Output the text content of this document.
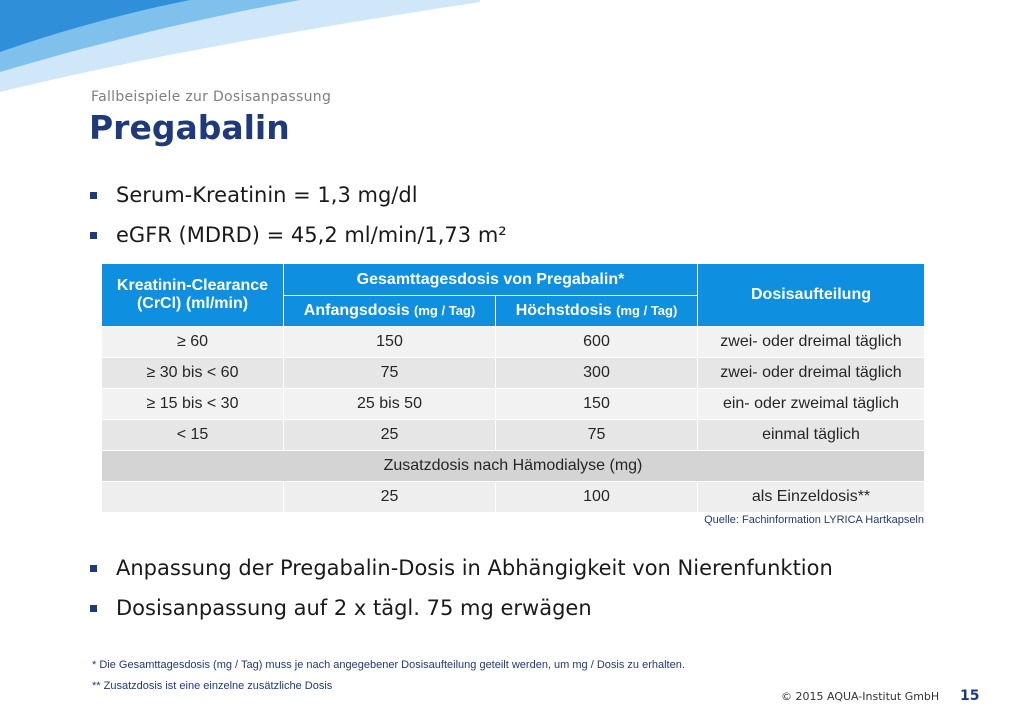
Fallbeispiele zur Dosisanpassung
Pregabalin
Serum-Kreatinin = 1,3 mg/dl
eGFR (MDRD) = 45,2 ml/min/1,73 m²
Kreatinin-Clearance
(CrCl) (ml/min)	Gesamttagesdosis von Pregabalin*		Dosisaufteilung
	Anfangsdosis (mg / Tag)	Höchstdosis (mg / Tag)	
≥ 60	150	600	zwei- oder dreimal täglich
≥ 30 bis < 60	75	300	zwei- oder dreimal täglich
≥ 15 bis < 30	25 bis 50	150	ein- oder zweimal täglich
< 15	25	75	einmal täglich
Zusatzdosis nach Hämodialyse (mg)			
	25	100	als Einzeldosis**
Quelle: Fachinformation LYRICA Hartkapseln
Anpassung der Pregabalin-Dosis in Abhängigkeit von Nierenfunktion
Dosisanpassung auf 2 x tägl. 75 mg erwägen
* Die Gesamttagesdosis (mg / Tag) muss je nach angegebener Dosisaufteilung geteilt werden, um mg / Dosis zu erhalten.
** Zusatzdosis ist eine einzelne zusätzliche Dosis
© 2015 AQUA-Institut GmbH 15
